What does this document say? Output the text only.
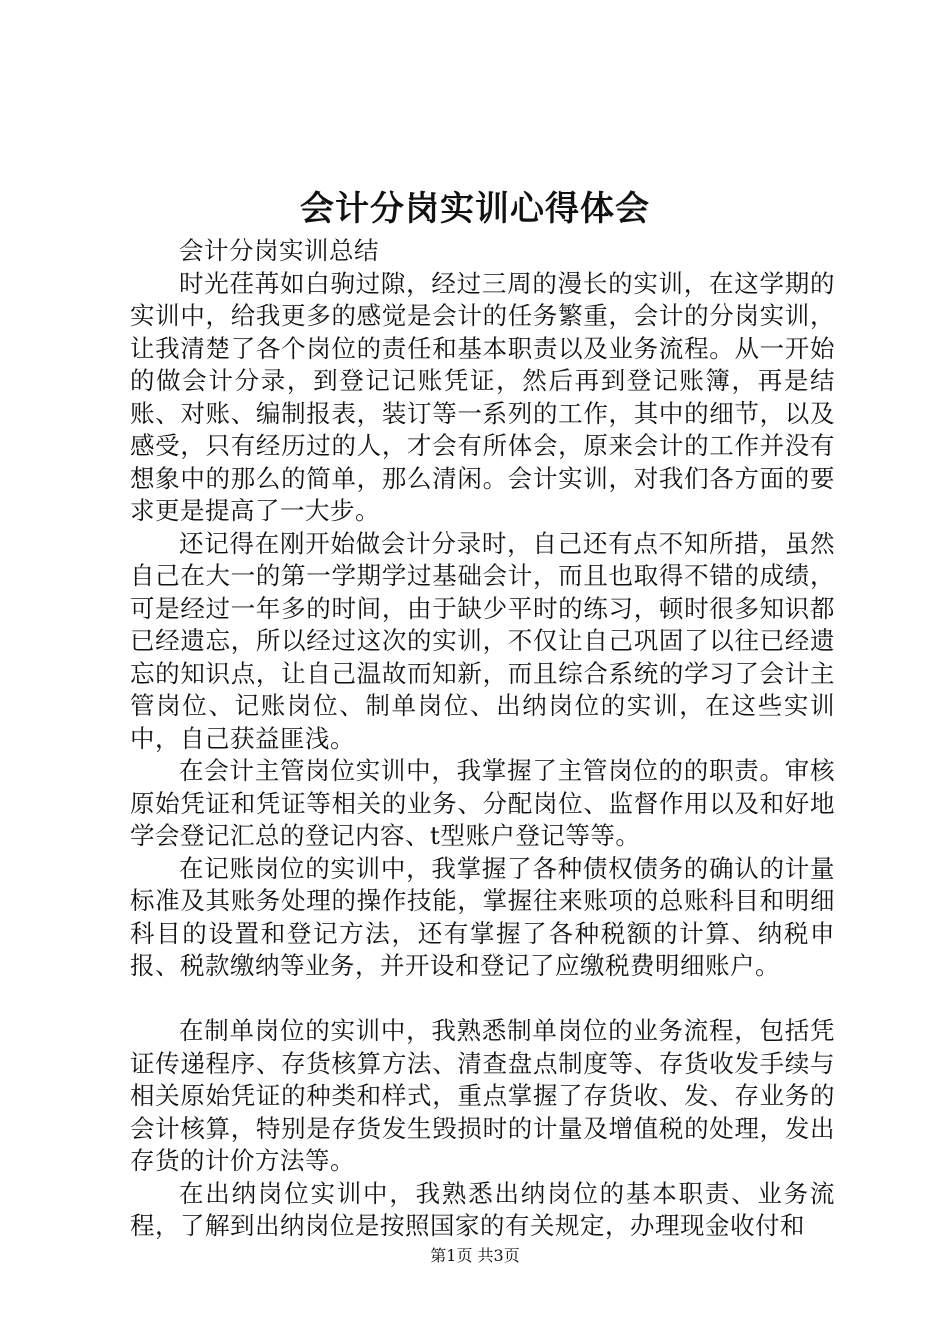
会计分岗实训心得体会

会计分岗实训总结

时光荏苒如白驹过隙，经过三周的漫长的实训，在这学期的实训中，给我更多的感觉是会计的任务繁重，会计的分岗实训，让我清楚了各个岗位的责任和基本职责以及业务流程。从一开始的做会计分录，到登记记账凭证，然后再到登记账簿，再是结账、对账、编制报表，装订等一系列的工作，其中的细节，以及感受，只有经历过的人，才会有所体会，原来会计的工作并没有想象中的那么的简单，那么清闲。会计实训，对我们各方面的要求更是提高了一大步。

还记得在刚开始做会计分录时，自己还有点不知所措，虽然自己在大一的第一学期学过基础会计，而且也取得不错的成绩，可是经过一年多的时间，由于缺少平时的练习，顿时很多知识都已经遗忘，所以经过这次的实训，不仅让自己巩固了以往已经遗忘的知识点，让自己温故而知新，而且综合系统的学习了会计主管岗位、记账岗位、制单岗位、出纳岗位的实训，在这些实训中，自己获益匪浅。

在会计主管岗位实训中，我掌握了主管岗位的的职责。审核原始凭证和凭证等相关的业务、分配岗位、监督作用以及和好地学会登记汇总的登记内容、t型账户登记等等。

在记账岗位的实训中，我掌握了各种债权债务的确认的计量标准及其账务处理的操作技能，掌握往来账项的总账科目和明细科目的设置和登记方法，还有掌握了各种税额的计算、纳税申报、税款缴纳等业务，并开设和登记了应缴税费明细账户。

在制单岗位的实训中，我熟悉制单岗位的业务流程，包括凭证传递程序、存货核算方法、清查盘点制度等、存货收发手续与相关原始凭证的种类和样式，重点掌握了存货收、发、存业务的会计核算，特别是存货发生毁损时的计量及增值税的处理，发出存货的计价方法等。

在出纳岗位实训中，我熟悉出纳岗位的基本职责、业务流程，了解到出纳岗位是按照国家的有关规定，办理现金收付和

第1页 共3页
